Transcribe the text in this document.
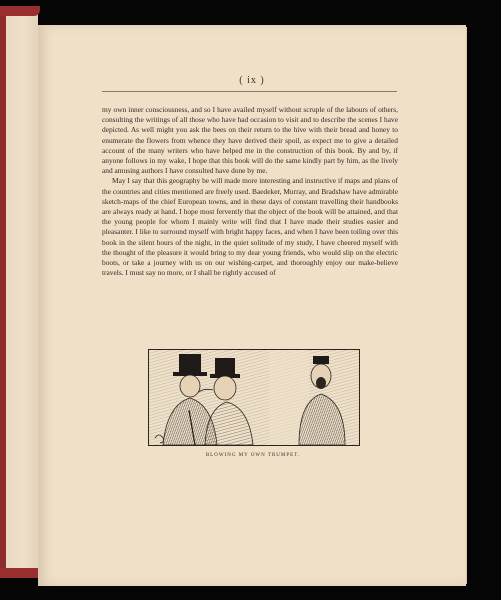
( ix )

my own inner consciousness, and so I have availed myself without scruple of the labours of others, consulting the writings of all those who have had occasion to visit and to describe the scenes I have depicted. As well might you ask the bees on their return to the hive with their bread and honey to enumerate the flowers from whence they have derived their spoil, as expect me to give a detailed account of the many writers who have helped me in the construction of this book. By and by, if anyone follows in my wake, I hope that this book will do the same kindly part by him, as the lively and amusing authors I have consulted have done by me.

May I say that this geography be will made more interesting and instructive if maps and plans of the countries and cities mentioned are freely used. Baedeker, Murray, and Bradshaw have admirable sketch-maps of the chief European towns, and in these days of constant travelling their handbooks are always ready at hand. I hope most fervently that the object of the book will be attained, and that the young people for whom I mainly write will find that I have made their studies easier and pleasanter. I like to surround myself with bright happy faces, and when I have been toiling over this book in the silent hours of the night, in the quiet solitude of my study, I have cheered myself with the thought of the pleasure it would bring to my dear young friends, who would slip on the electric boots, or take a journey with us on our wishing-carpet, and thoroughly enjoy our make-believe travels. I must say no more, or I shall be rightly accused of

BLOWING MY OWN TRUMPET.
